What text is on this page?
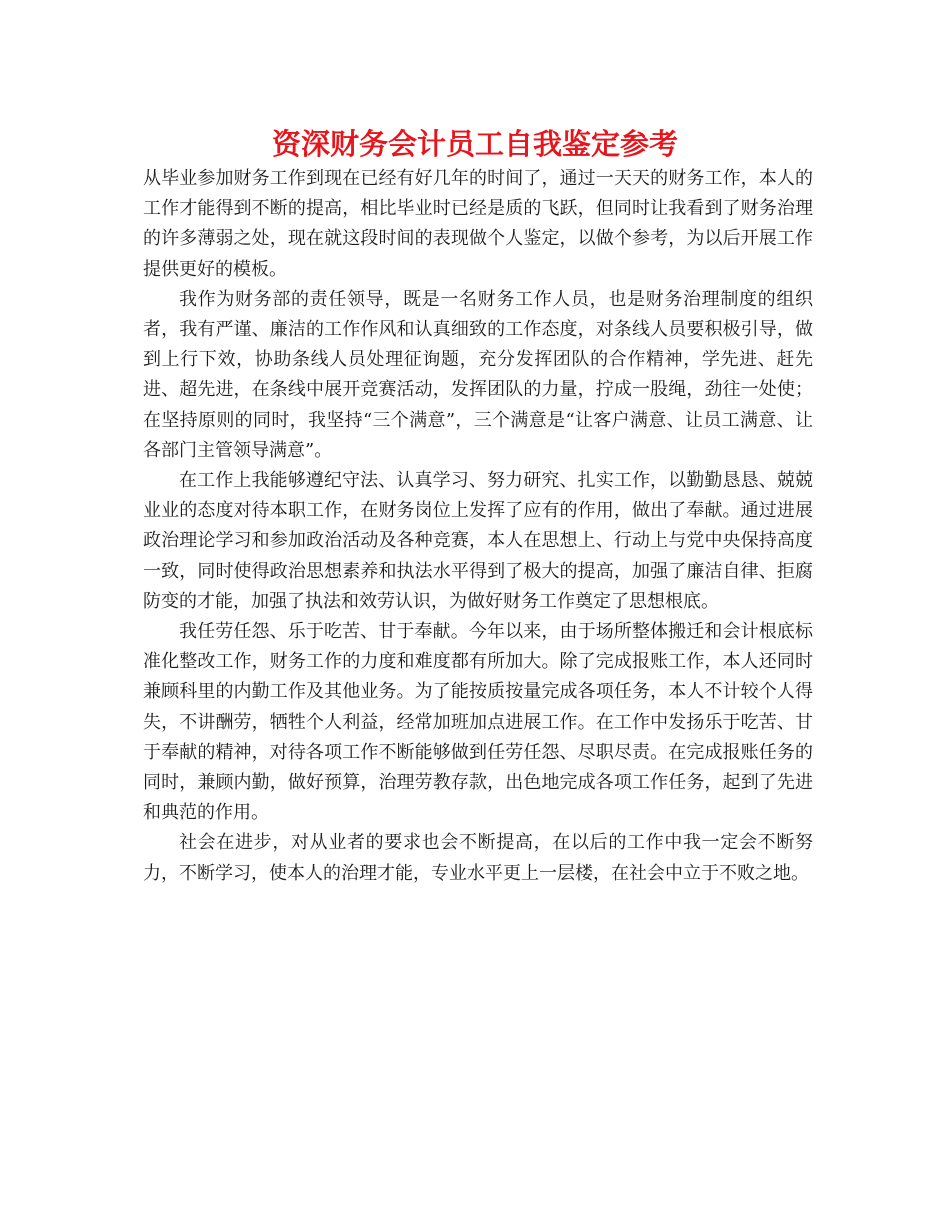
资深财务会计员工自我鉴定参考

从毕业参加财务工作到现在已经有好几年的时间了，通过一天天的财务工作，本人的工作才能得到不断的提高，相比毕业时已经是质的飞跃，但同时让我看到了财务治理的许多薄弱之处，现在就这段时间的表现做个人鉴定，以做个参考，为以后开展工作提供更好的模板。

我作为财务部的责任领导，既是一名财务工作人员，也是财务治理制度的组织者，我有严谨、廉洁的工作作风和认真细致的工作态度，对条线人员要积极引导，做到上行下效，协助条线人员处理征询题，充分发挥团队的合作精神，学先进、赶先进、超先进，在条线中展开竞赛活动，发挥团队的力量，拧成一股绳，劲往一处使；在坚持原则的同时，我坚持“三个满意”，三个满意是“让客户满意、让员工满意、让各部门主管领导满意”。

在工作上我能够遵纪守法、认真学习、努力研究、扎实工作，以勤勤恳恳、兢兢业业的态度对待本职工作，在财务岗位上发挥了应有的作用，做出了奉献。通过进展政治理论学习和参加政治活动及各种竞赛，本人在思想上、行动上与党中央保持高度一致，同时使得政治思想素养和执法水平得到了极大的提高，加强了廉洁自律、拒腐防变的才能，加强了执法和效劳认识，为做好财务工作奠定了思想根底。

我任劳任怨、乐于吃苦、甘于奉献。今年以来，由于场所整体搬迁和会计根底标准化整改工作，财务工作的力度和难度都有所加大。除了完成报账工作，本人还同时兼顾科里的内勤工作及其他业务。为了能按质按量完成各项任务，本人不计较个人得失，不讲酬劳，牺牲个人利益，经常加班加点进展工作。在工作中发扬乐于吃苦、甘于奉献的精神，对待各项工作不断能够做到任劳任怨、尽职尽责。在完成报账任务的同时，兼顾内勤，做好预算，治理劳教存款，出色地完成各项工作任务，起到了先进和典范的作用。

社会在进步，对从业者的要求也会不断提高，在以后的工作中我一定会不断努力，不断学习，使本人的治理才能，专业水平更上一层楼，在社会中立于不败之地。
